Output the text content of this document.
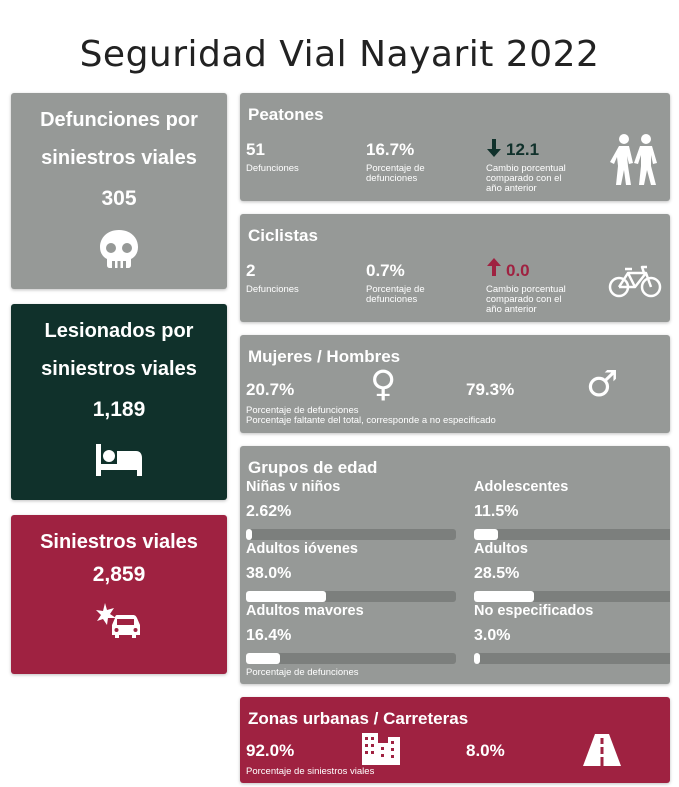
Seguridad Vial Nayarit 2022
Defunciones por
siniestros viales
305
Lesionados por
siniestros viales
1,189
Siniestros viales
2,859
Peatones
51
Defunciones
16.7%
Porcentaje de
defunciones
12.1
Cambio porcentual
comparado con el
año anterior
Ciclistas
2
Defunciones
0.7%
Porcentaje de
defunciones
0.0
Cambio porcentual
comparado con el
año anterior
Mujeres / Hombres
20.7% ♀	79.3% ♂
Porcentaje de defunciones
Porcentaje faltante del total, corresponde a no especificado
Grupos de edad
Niñas v niños
2.62%
Adolescentes
11.5%
Adultos ióvenes
38.0%
Adultos
28.5%
Adultos mavores
16.4%
No especificados
3.0%
Porcentaje de defunciones
Zonas urbanas / Carreteras
92.0%	8.0%
Porcentaje de siniestros viales
